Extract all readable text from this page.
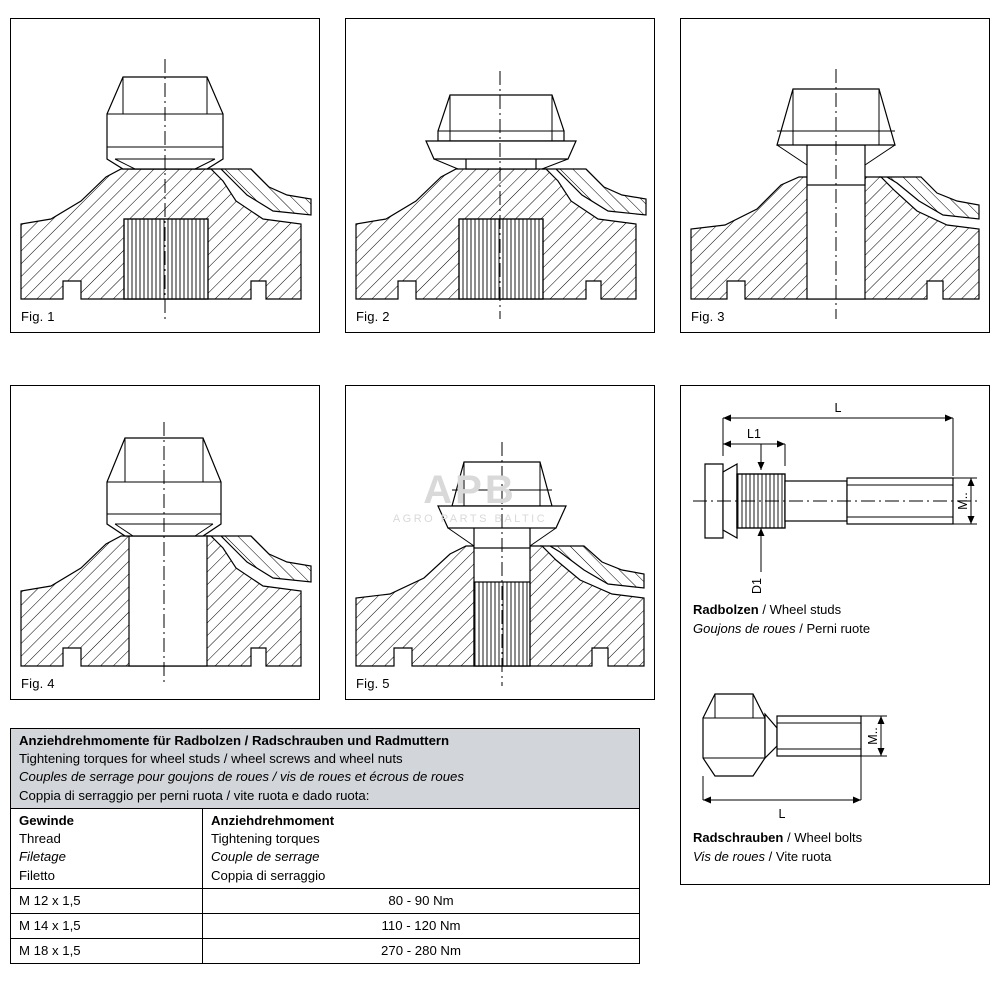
Fig. 1	Fig. 2	Fig. 3
Fig. 4	Fig. 5
APB
AGRO PARTS BALTIC
L
L1
D1
M..
Radbolzen / Wheel studs
Goujons de roues / Perni ruote
M..
L
Radschrauben / Wheel bolts
Vis de roues / Vite ruota
Anziehdrehmomente für Radbolzen / Radschrauben und Radmuttern
Tightening torques for wheel studs / wheel screws and wheel nuts
Couples de serrage pour goujons de roues / vis de roues et écrous de roues
Coppia di serraggio per perni ruota / vite ruota e dado ruota:	

Gewinde
Thread
Filetage
Filetto

Anziehdrehmoment
Tightening torques
Couple de serrage
Coppia di serraggio

M 12 x 1,5	80 - 90 Nm
M 14 x 1,5	110 - 120 Nm
M 18 x 1,5	270 - 280 Nm
